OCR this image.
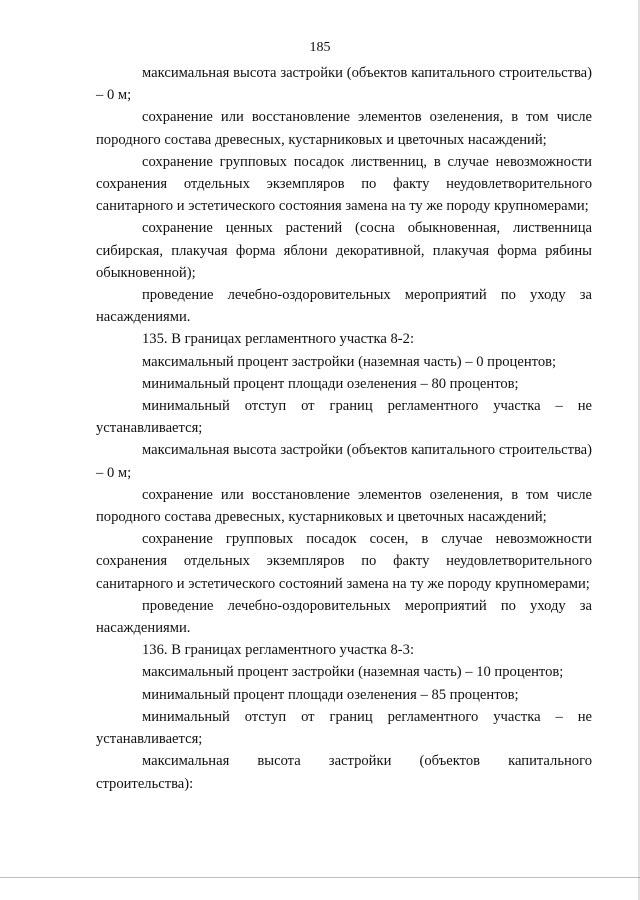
185

максимальная высота застройки (объектов капитального строительства) – 0 м;

сохранение или восстановление элементов озеленения, в том числе породного состава древесных, кустарниковых и цветочных насаждений;

сохранение групповых посадок лиственниц, в случае невозможности сохранения отдельных экземпляров по факту неудовлетворительного санитарного и эстетического состояния замена на ту же породу крупномерами;

сохранение ценных растений (сосна обыкновенная, лиственница сибирская, плакучая форма яблони декоративной, плакучая форма рябины обыкновенной);

проведение лечебно-оздоровительных мероприятий по уходу за насаждениями.

135. В границах регламентного участка 8-2:

максимальный процент застройки (наземная часть) – 0 процентов;

минимальный процент площади озеленения – 80 процентов;

минимальный отступ от границ регламентного участка – не устанавливается;

максимальная высота застройки (объектов капитального строительства) – 0 м;

сохранение или восстановление элементов озеленения, в том числе породного состава древесных, кустарниковых и цветочных насаждений;

сохранение групповых посадок сосен, в случае невозможности сохранения отдельных экземпляров по факту неудовлетворительного санитарного и эстетического состояний замена на ту же породу крупномерами;

проведение лечебно-оздоровительных мероприятий по уходу за насаждениями.

136. В границах регламентного участка 8-3:

максимальный процент застройки (наземная часть) – 10 процентов;

минимальный процент площади озеленения – 85 процентов;

минимальный отступ от границ регламентного участка – не устанавливается;

максимальная высота застройки (объектов капитального строительства):
